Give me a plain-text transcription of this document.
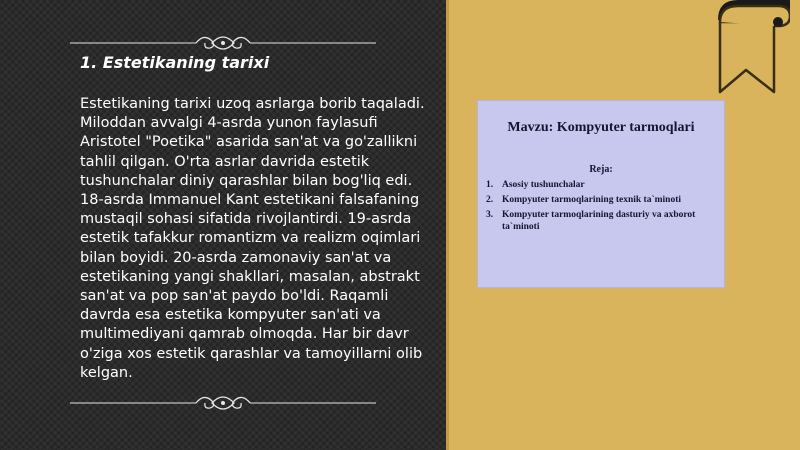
1. Estetikaning tarixi

Estetikaning tarixi uzoq asrlarga borib taqaladi. Miloddan avvalgi 4-asrda yunon faylasufi Aristotel "Poetika" asarida san'at va go'zallikni tahlil qilgan. O'rta asrlar davrida estetik tushunchalar diniy qarashlar bilan bog'liq edi. 18-asrda Immanuel Kant estetikani falsafaning mustaqil sohasi sifatida rivojlantirdi. 19-asrda estetik tafakkur romantizm va realizm oqimlari bilan boyidi. 20-asrda zamonaviy san'at va estetikaning yangi shakllari, masalan, abstrakt san'at va pop san'at paydo bo'ldi. Raqamli davrda esa estetika kompyuter san'ati va multimediyani qamrab olmoqda. Har bir davr o'ziga xos estetik qarashlar va tamoyillarni olib kelgan.

Mavzu: Kompyuter tarmoqlari
Reja:
1. Asosiy tushunchalar
2. Kompyuter tarmoqlarining texnik ta`minoti
3. Kompyuter tarmoqlarining dasturiy va axborot ta`minoti
